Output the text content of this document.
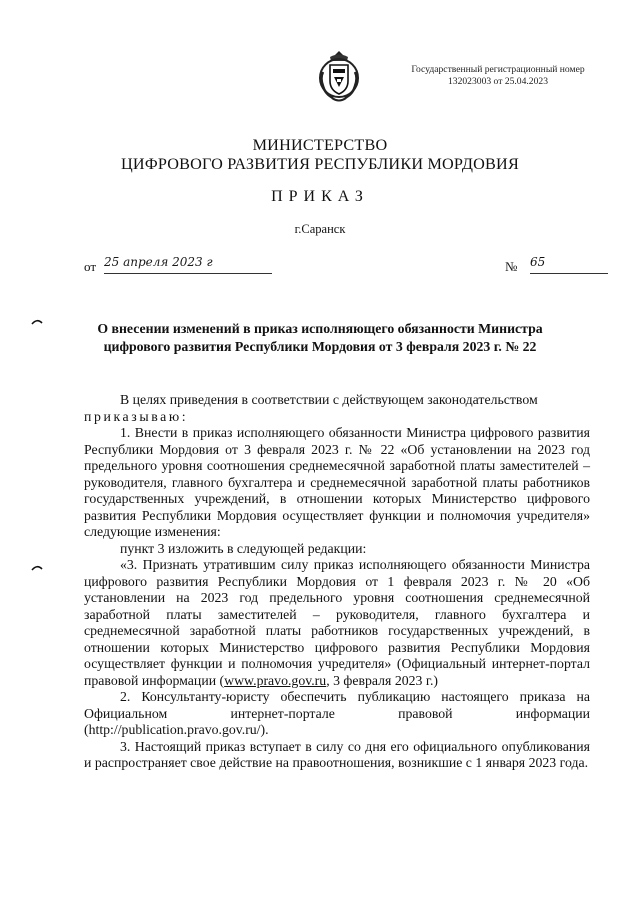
Государственный регистрационный номер
132023003 от 25.04.2023
МИНИСТЕРСТВО
ЦИФРОВОГО РАЗВИТИЯ РЕСПУБЛИКИ МОРДОВИЯ
ПРИКАЗ
г.Саранск
от 25 апреля 2023 г	№ 65
О внесении изменений в приказ исполняющего обязанности Министра
цифрового развития Республики Мордовия от 3 февраля 2023 г. № 22

В целях приведения в соответствии с действующем законодательством

приказываю:

1. Внести в приказ исполняющего обязанности Министра цифрового развития Республики Мордовия от 3 февраля 2023 г. № 22 «Об установлении на 2023 год предельного уровня соотношения среднемесячной заработной платы заместителей – руководителя, главного бухгалтера и среднемесячной заработной платы работников государственных учреждений, в отношении которых Министерство цифрового развития Республики Мордовия осуществляет функции и полномочия учредителя» следующие изменения:

пункт 3 изложить в следующей редакции:

«3. Признать утратившим силу приказ исполняющего обязанности Министра цифрового развития Республики Мордовия от 1 февраля 2023 г. № 20 «Об установлении на 2023 год предельного уровня соотношения среднемесячной заработной платы заместителей – руководителя, главного бухгалтера и среднемесячной заработной платы работников государственных учреждений, в отношении которых Министерство цифрового развития Республики Мордовия осуществляет функции и полномочия учредителя» (Официальный интернет-портал правовой информации (www.pravo.gov.ru, 3 февраля 2023 г.)

2. Консультанту-юристу обеспечить публикацию настоящего приказа на Официальном интернет-портале правовой информации (http://publication.pravo.gov.ru/).

3. Настоящий приказ вступает в силу со дня его официального опубликования и распространяет свое действие на правоотношения, возникшие с 1 января 2023 года.
